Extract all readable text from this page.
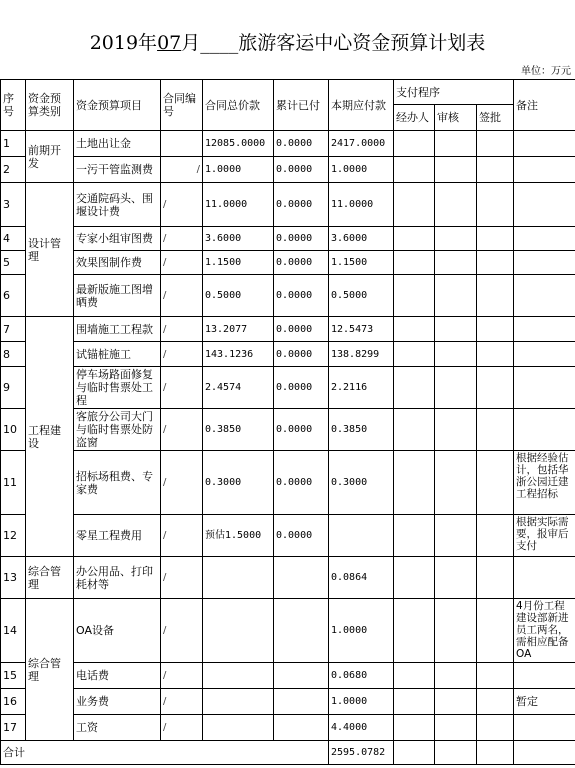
2019年07月____旅游客运中心资金预算计划表
单位：万元
序号	资金预算类别	资金预算项目	合同编号	合同总价款	累计已付	本期应付款	支付程序			备注
							经办人	审核	签批	
1	前期开发	土地出让金		12085.0000	0.0000	2417.0000				
2		一污干管监测费	/	1.0000	0.0000	1.0000				
3	设计管理	交通院码头、围堰设计费	/	11.0000	0.0000	11.0000				
4		专家小组审图费	/	3.6000	0.0000	3.6000				
5		效果图制作费	/	1.1500	0.0000	1.1500				
6		最新版施工图增晒费	/	0.5000	0.0000	0.5000				
7	工程建设	围墙施工工程款	/	13.2077	0.0000	12.5473				
8		试锚桩施工	/	143.1236	0.0000	138.8299				
9		停车场路面修复与临时售票处工程	/	2.4574	0.0000	2.2116				
10		客旅分公司大门与临时售票处防盗窗	/	0.3850	0.0000	0.3850				
11		招标场租费、专家费	/	0.3000	0.0000	0.3000				根据经验估计，包括华浙公园迁建工程招标
12		零星工程费用	/	预估1.5000	0.0000					根据实际需要，报审后支付
13	综合管理	办公用品、打印耗材等	/			0.0864				
14	综合管理	OA设备	/			1.0000				4月份工程建设部新进员工两名，需相应配备OA
15		电话费	/			0.0680				
16		业务费	/			1.0000				暂定
17		工资	/			4.4000				
合计						2595.0782				
